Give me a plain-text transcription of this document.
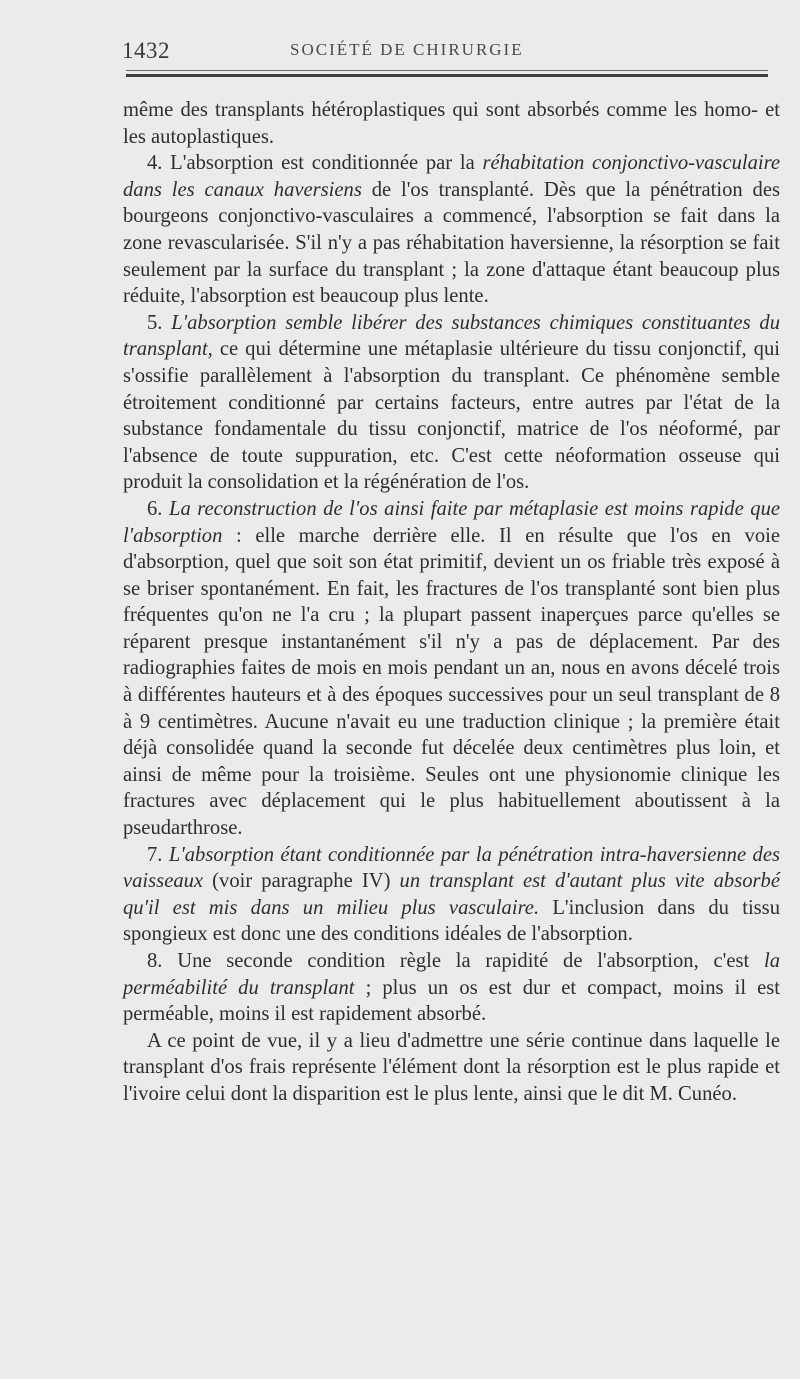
1432	SOCIÉTÉ DE CHIRURGIE

même des transplants hétéroplastiques qui sont absorbés comme les homo- et les autoplastiques.

4. L'absorption est conditionnée par la réhabitation conjonctivo-vasculaire dans les canaux haversiens de l'os transplanté. Dès que la pénétration des bourgeons conjonctivo-vasculaires a commencé, l'absorption se fait dans la zone revascularisée. S'il n'y a pas réhabitation haversienne, la résorption se fait seulement par la surface du transplant ; la zone d'attaque étant beaucoup plus réduite, l'absorption est beaucoup plus lente.

5. L'absorption semble libérer des substances chimiques constituantes du transplant, ce qui détermine une métaplasie ultérieure du tissu conjonctif, qui s'ossifie parallèlement à l'absorption du transplant. Ce phénomène semble étroitement conditionné par certains facteurs, entre autres par l'état de la substance fondamentale du tissu conjonctif, matrice de l'os néoformé, par l'absence de toute suppuration, etc. C'est cette néoformation osseuse qui produit la consolidation et la régénération de l'os.

6. La reconstruction de l'os ainsi faite par métaplasie est moins rapide que l'absorption : elle marche derrière elle. Il en résulte que l'os en voie d'absorption, quel que soit son état primitif, devient un os friable très exposé à se briser spontanément. En fait, les fractures de l'os transplanté sont bien plus fréquentes qu'on ne l'a cru ; la plupart passent inaperçues parce qu'elles se réparent presque instantanément s'il n'y a pas de déplacement. Par des radiographies faites de mois en mois pendant un an, nous en avons décelé trois à différentes hauteurs et à des époques successives pour un seul transplant de 8 à 9 centimètres. Aucune n'avait eu une traduction clinique ; la première était déjà consolidée quand la seconde fut décelée deux centimètres plus loin, et ainsi de même pour la troisième. Seules ont une physionomie clinique les fractures avec déplacement qui le plus habituellement aboutissent à la pseudarthrose.

7. L'absorption étant conditionnée par la pénétration intra-haversienne des vaisseaux (voir paragraphe IV) un transplant est d'autant plus vite absorbé qu'il est mis dans un milieu plus vasculaire. L'inclusion dans du tissu spongieux est donc une des conditions idéales de l'absorption.

8. Une seconde condition règle la rapidité de l'absorption, c'est la perméabilité du transplant ; plus un os est dur et compact, moins il est perméable, moins il est rapidement absorbé.

A ce point de vue, il y a lieu d'admettre une série continue dans laquelle le transplant d'os frais représente l'élément dont la résorption est le plus rapide et l'ivoire celui dont la disparition est le plus lente, ainsi que le dit M. Cunéo.
